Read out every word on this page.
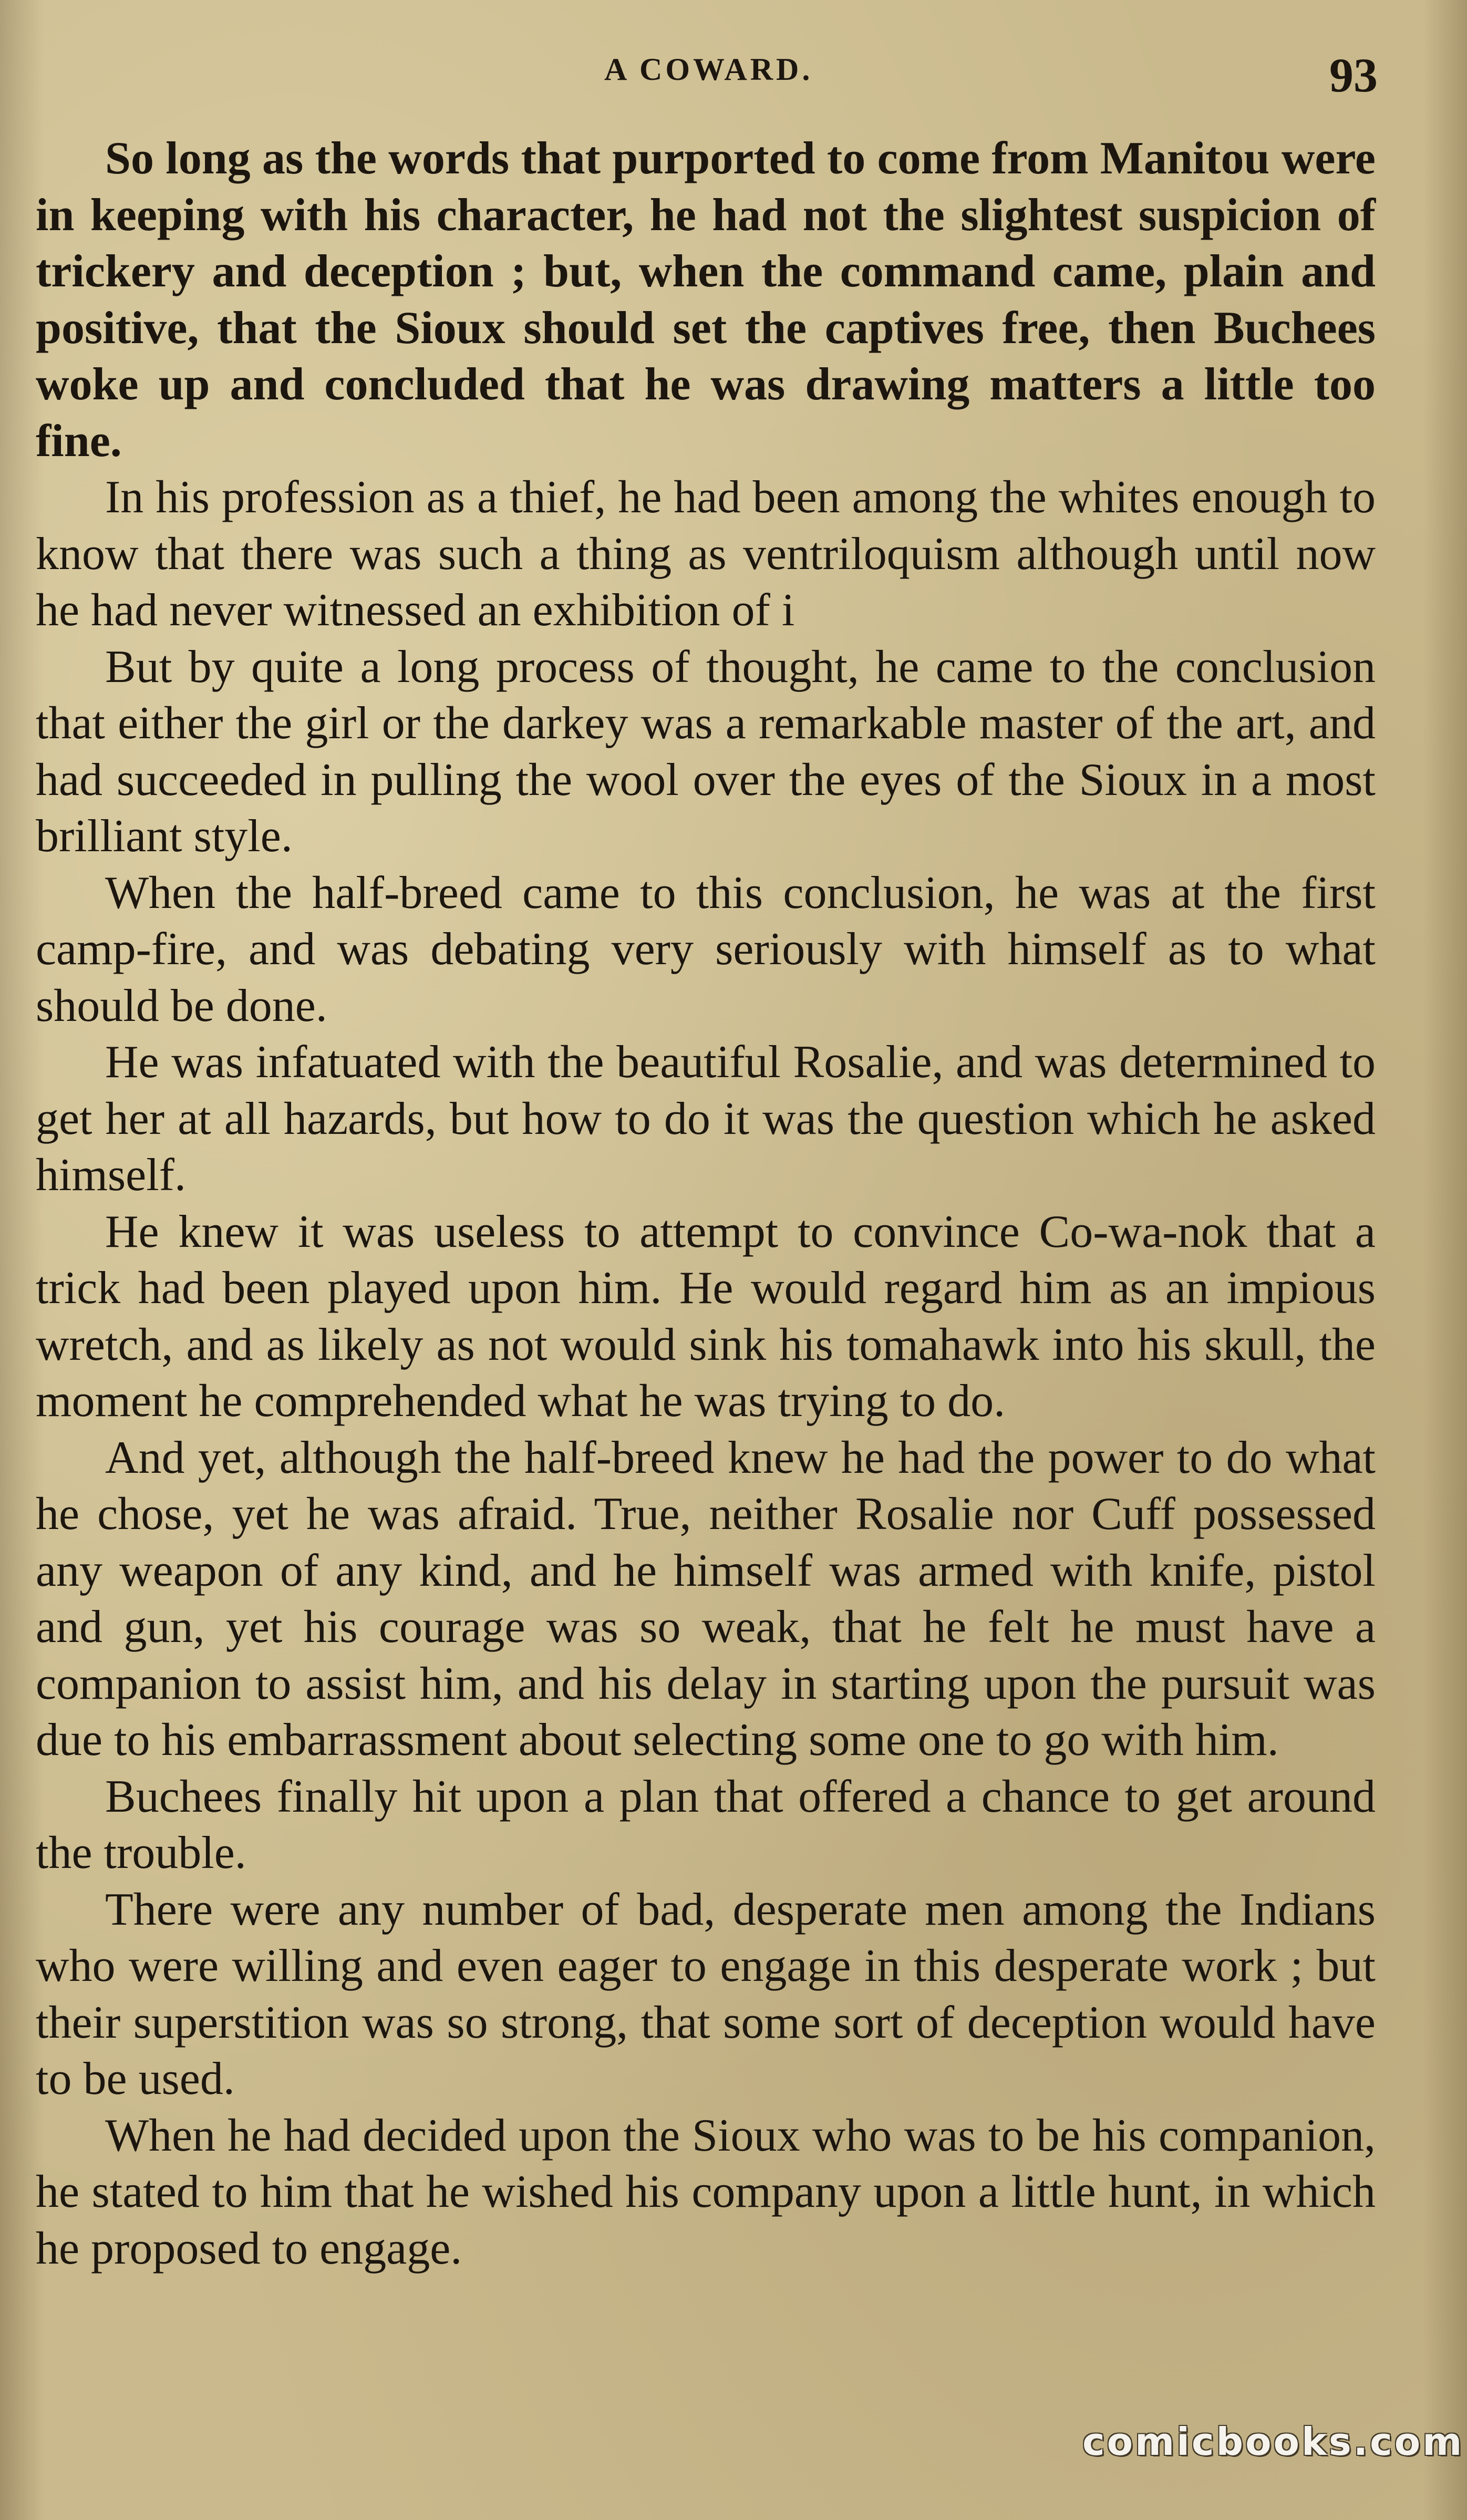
A COWARD.	93

So long as the words that purported to come from Manitou were in keeping with his character, he had not the slightest suspicion of trickery and deception ; but, when the command came, plain and positive, that the Sioux should set the captives free, then Buchees woke up and concluded that he was drawing matters a little too fine.

In his profession as a thief, he had been among the whites enough to know that there was such a thing as ventriloquism although until now he had never witnessed an exhibition of i

But by quite a long process of thought, he came to the conclusion that either the girl or the darkey was a remarkable master of the art, and had succeeded in pulling the wool over the eyes of the Sioux in a most brilliant style.

When the half-breed came to this conclusion, he was at the first camp-fire, and was debating very seriously with himself as to what should be done.

He was infatuated with the beautiful Rosalie, and was determined to get her at all hazards, but how to do it was the question which he asked himself.

He knew it was useless to attempt to convince Co-wa-nok that a trick had been played upon him. He would regard him as an impious wretch, and as likely as not would sink his tomahawk into his skull, the moment he comprehended what he was trying to do.

And yet, although the half-breed knew he had the power to do what he chose, yet he was afraid. True, neither Rosalie nor Cuff possessed any weapon of any kind, and he himself was armed with knife, pistol and gun, yet his courage was so weak, that he felt he must have a companion to assist him, and his delay in starting upon the pursuit was due to his embarrassment about selecting some one to go with him.

Buchees finally hit upon a plan that offered a chance to get around the trouble.

There were any number of bad, desperate men among the Indians who were willing and even eager to engage in this desperate work ; but their superstition was so strong, that some sort of deception would have to be used.

When he had decided upon the Sioux who was to be his companion, he stated to him that he wished his company upon a little hunt, in which he proposed to engage.

comicbooks.com
